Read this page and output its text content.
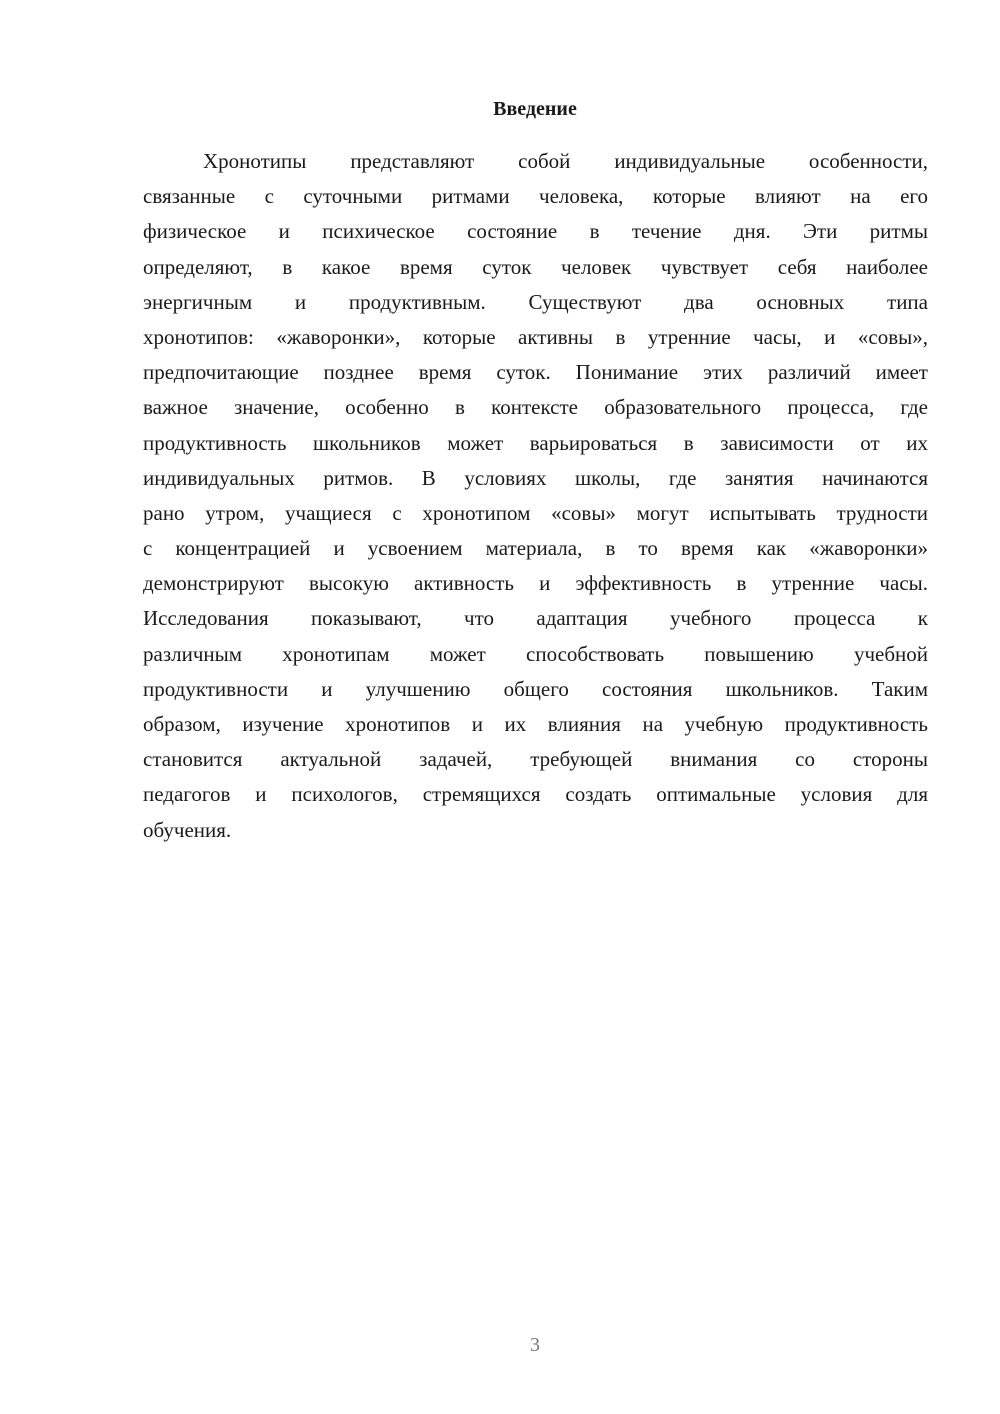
Введение
Хронотипы представляют собой индивидуальные особенности,
связанные с суточными ритмами человека, которые влияют на его
физическое и психическое состояние в течение дня. Эти ритмы
определяют, в какое время суток человек чувствует себя наиболее
энергичным и продуктивным. Существуют два основных типа
хронотипов: «жаворонки», которые активны в утренние часы, и «совы»,
предпочитающие позднее время суток. Понимание этих различий имеет
важное значение, особенно в контексте образовательного процесса, где
продуктивность школьников может варьироваться в зависимости от их
индивидуальных ритмов. В условиях школы, где занятия начинаются
рано утром, учащиеся с хронотипом «совы» могут испытывать трудности
с концентрацией и усвоением материала, в то время как «жаворонки»
демонстрируют высокую активность и эффективность в утренние часы.
Исследования показывают, что адаптация учебного процесса к
различным хронотипам может способствовать повышению учебной
продуктивности и улучшению общего состояния школьников. Таким
образом, изучение хронотипов и их влияния на учебную продуктивность
становится актуальной задачей, требующей внимания со стороны
педагогов и психологов, стремящихся создать оптимальные условия для
обучения.
3
